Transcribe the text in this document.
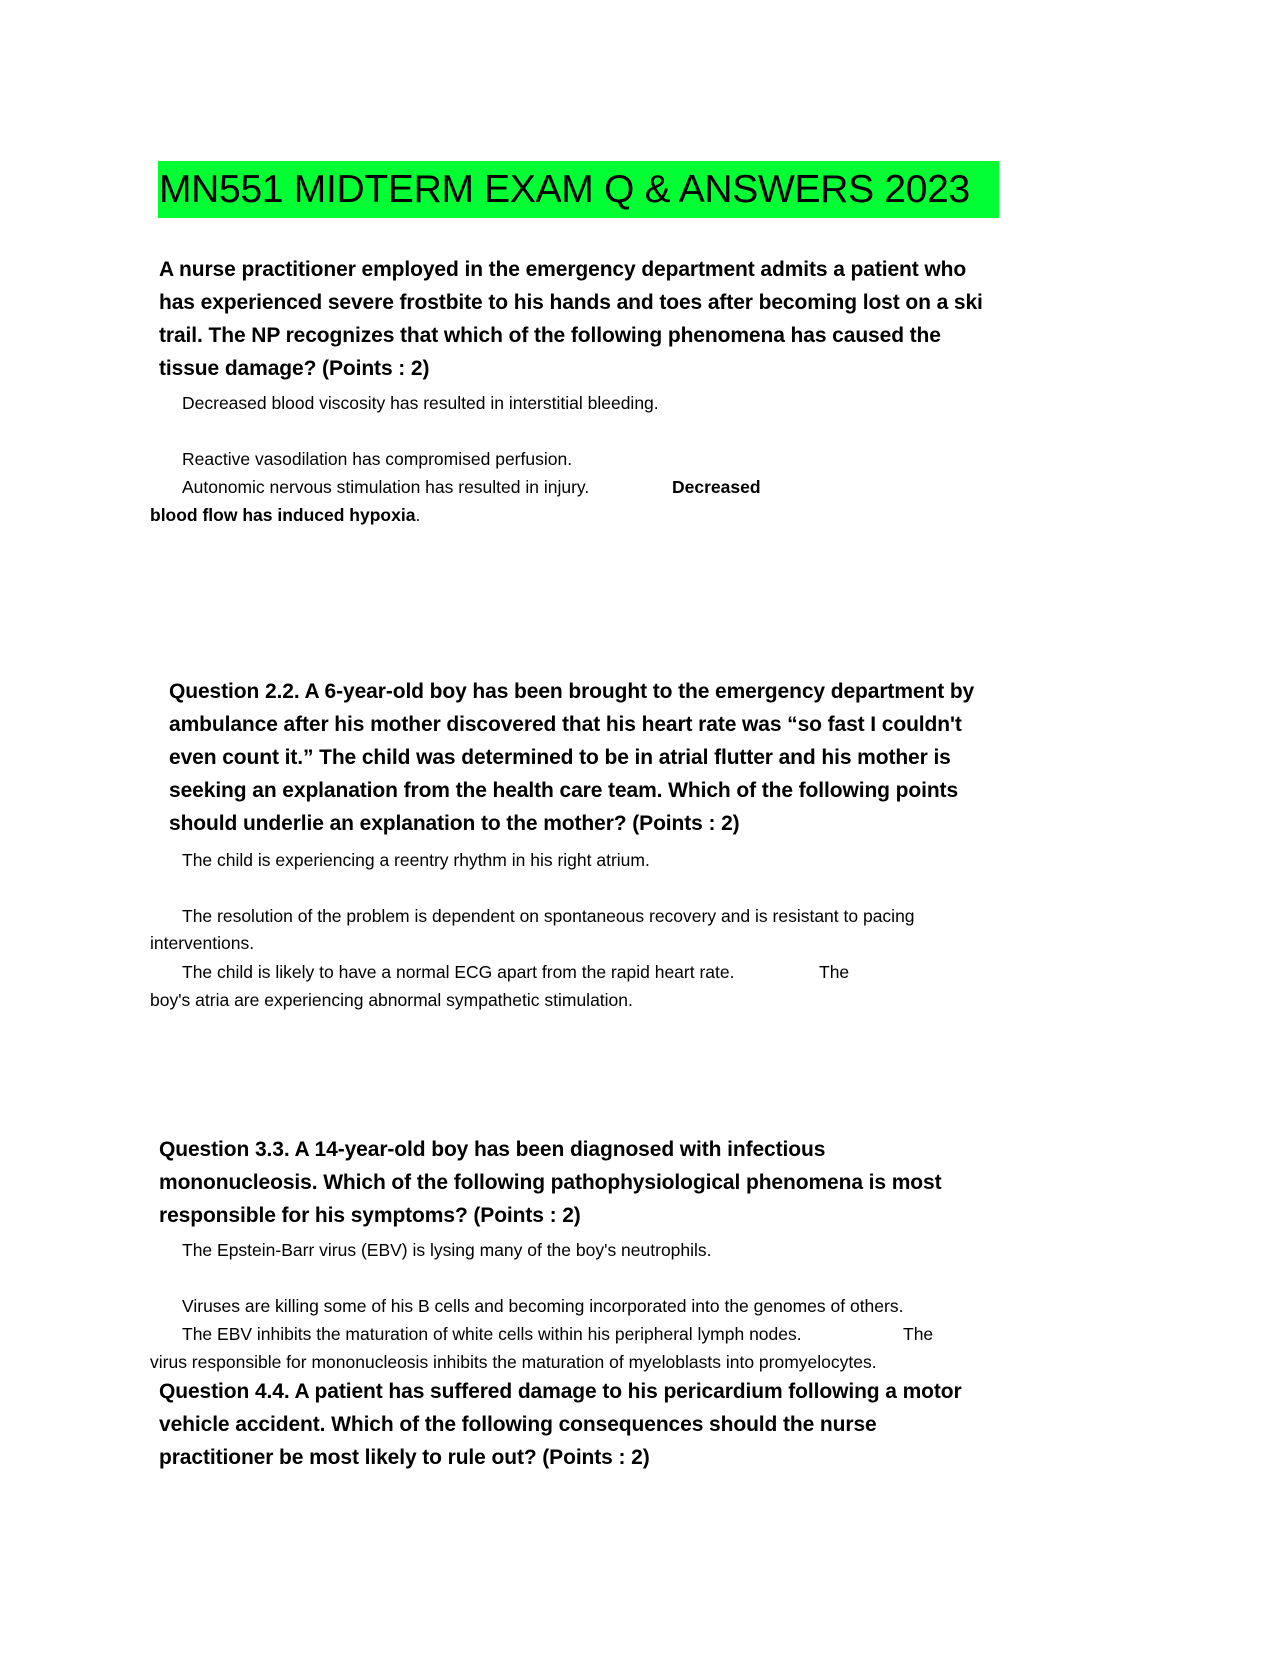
MN551 MIDTERM EXAM Q & ANSWERS 2023
A nurse practitioner employed in the emergency department admits a patient who
has experienced severe frostbite to his hands and toes after becoming lost on a ski
trail. The NP recognizes that which of the following phenomena has caused the
tissue damage? (Points : 2)
Decreased blood viscosity has resulted in interstitial bleeding.
Reactive vasodilation has compromised perfusion.
Autonomic nervous stimulation has resulted in injury.	Decreased
blood flow has induced hypoxia.
Question 2.2. A 6-year-old boy has been brought to the emergency department by
ambulance after his mother discovered that his heart rate was “so fast I couldn't
even count it.” The child was determined to be in atrial flutter and his mother is
seeking an explanation from the health care team. Which of the following points
should underlie an explanation to the mother? (Points : 2)
The child is experiencing a reentry rhythm in his right atrium.
The resolution of the problem is dependent on spontaneous recovery and is resistant to pacing
interventions.
The child is likely to have a normal ECG apart from the rapid heart rate.	The
boy's atria are experiencing abnormal sympathetic stimulation.
Question 3.3. A 14-year-old boy has been diagnosed with infectious
mononucleosis. Which of the following pathophysiological phenomena is most
responsible for his symptoms? (Points : 2)
The Epstein-Barr virus (EBV) is lysing many of the boy's neutrophils.
Viruses are killing some of his B cells and becoming incorporated into the genomes of others.
The EBV inhibits the maturation of white cells within his peripheral lymph nodes.	The
virus responsible for mononucleosis inhibits the maturation of myeloblasts into promyelocytes.
Question 4.4. A patient has suffered damage to his pericardium following a motor
vehicle accident. Which of the following consequences should the nurse
practitioner be most likely to rule out? (Points : 2)
